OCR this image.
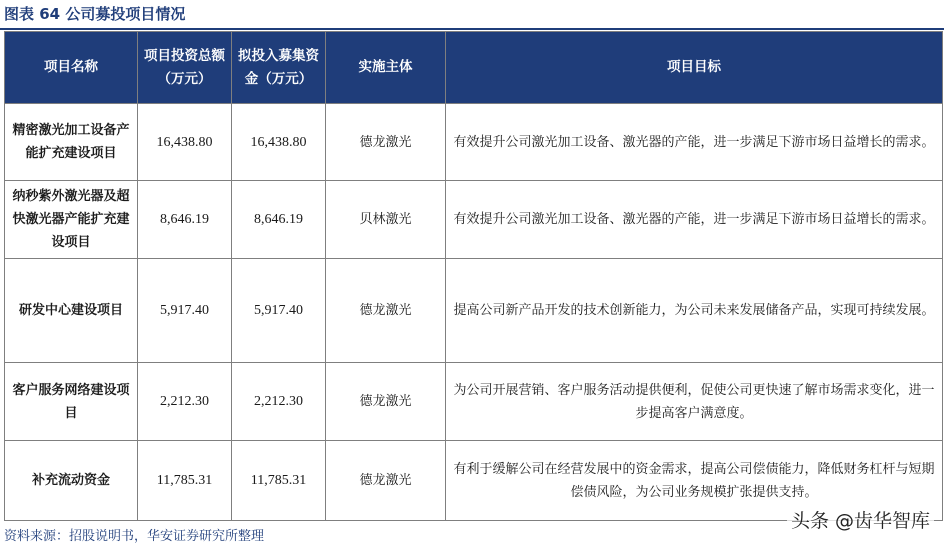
图表 64 公司募投项目情况
项目名称	项目投资总额（万元）	拟投入募集资金（万元）	实施主体	项目目标
精密激光加工设备产能扩充建设项目	16,438.80	16,438.80	德龙激光	有效提升公司激光加工设备、激光器的产能，进一步满足下游市场日益增长的需求。
纳秒紫外激光器及超快激光器产能扩充建设项目	8,646.19	8,646.19	贝林激光	有效提升公司激光加工设备、激光器的产能，进一步满足下游市场日益增长的需求。
研发中心建设项目	5,917.40	5,917.40	德龙激光	提高公司新产品开发的技术创新能力，为公司未来发展储备产品，实现可持续发展。
客户服务网络建设项目	2,212.30	2,212.30	德龙激光	为公司开展营销、客户服务活动提供便利，促使公司更快速了解市场需求变化，进一步提高客户满意度。
补充流动资金	11,785.31	11,785.31	德龙激光	有利于缓解公司在经营发展中的资金需求，提高公司偿债能力，降低财务杠杆与短期偿债风险，为公司业务规模扩张提供支持。
资料来源：招股说明书，华安证券研究所整理
头条 @齿华智库
